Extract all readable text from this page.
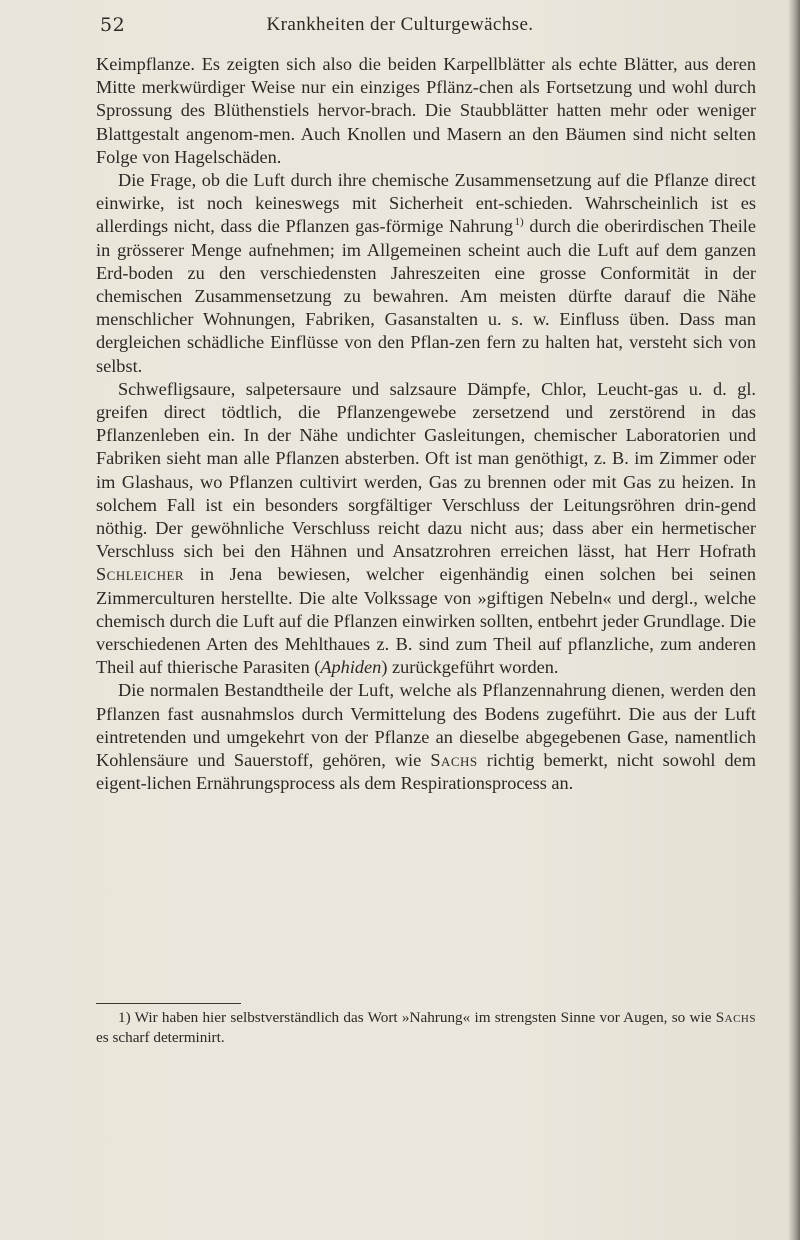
52	Krankheiten der Culturgewächse.

Keimpflanze. Es zeigten sich also die beiden Karpellblätter als echte Blätter, aus deren Mitte merkwürdiger Weise nur ein einziges Pflänz-chen als Fortsetzung und wohl durch Sprossung des Blüthenstiels hervor-brach. Die Staubblätter hatten mehr oder weniger Blattgestalt angenom-men. Auch Knollen und Masern an den Bäumen sind nicht selten Folge von Hagelschäden.

Die Frage, ob die Luft durch ihre chemische Zusammensetzung auf die Pflanze direct einwirke, ist noch keineswegs mit Sicherheit ent-schieden. Wahrscheinlich ist es allerdings nicht, dass die Pflanzen gas-förmige Nahrung  $^{1)}$ durch die oberirdischen Theile in grösserer Menge aufnehmen; im Allgemeinen scheint auch die Luft auf dem ganzen Erd-boden zu den verschiedensten Jahreszeiten eine grosse Conformität in der chemischen Zusammensetzung zu bewahren. Am meisten dürfte darauf die Nähe menschlicher Wohnungen, Fabriken, Gasanstalten u. s. w. Einfluss üben. Dass man dergleichen schädliche Einflüsse von den Pflan-zen fern zu halten hat, versteht sich von selbst.

Schwefligsaure, salpetersaure und salzsaure Dämpfe, Chlor, Leucht-gas u. d. gl. greifen direct tödtlich, die Pflanzengewebe zersetzend und zerstörend in das Pflanzenleben ein. In der Nähe undichter Gasleitungen, chemischer Laboratorien und Fabriken sieht man alle Pflanzen absterben. Oft ist man genöthigt, z. B. im Zimmer oder im Glashaus, wo Pflanzen cultivirt werden, Gas zu brennen oder mit Gas zu heizen. In solchem Fall ist ein besonders sorgfältiger Verschluss der Leitungsröhren drin-gend nöthig. Der gewöhnliche Verschluss reicht dazu nicht aus; dass aber ein hermetischer Verschluss sich bei den Hähnen und Ansatzrohren erreichen lässt, hat Herr Hofrath Schleicher in Jena bewiesen, welcher eigenhändig einen solchen bei seinen Zimmerculturen herstellte. Die alte Volkssage von »giftigen Nebeln« und dergl., welche chemisch durch die Luft auf die Pflanzen einwirken sollten, entbehrt jeder Grundlage. Die verschiedenen Arten des Mehlthaues z. B. sind zum Theil auf pflanzliche, zum anderen Theil auf thierische Parasiten (Aphiden) zurückgeführt worden.

Die normalen Bestandtheile der Luft, welche als Pflanzennahrung dienen, werden den Pflanzen fast ausnahmslos durch Vermittelung des Bodens zugeführt. Die aus der Luft eintretenden und umgekehrt von der Pflanze an dieselbe abgegebenen Gase, namentlich Kohlensäure und Sauerstoff, gehören, wie Sachs richtig bemerkt, nicht sowohl dem eigent-lichen Ernährungsprocess als dem Respirationsprocess an.

1) Wir haben hier selbstverständlich das Wort »Nahrung« im strengsten Sinne vor Augen, so wie Sachs es scharf determinirt.
